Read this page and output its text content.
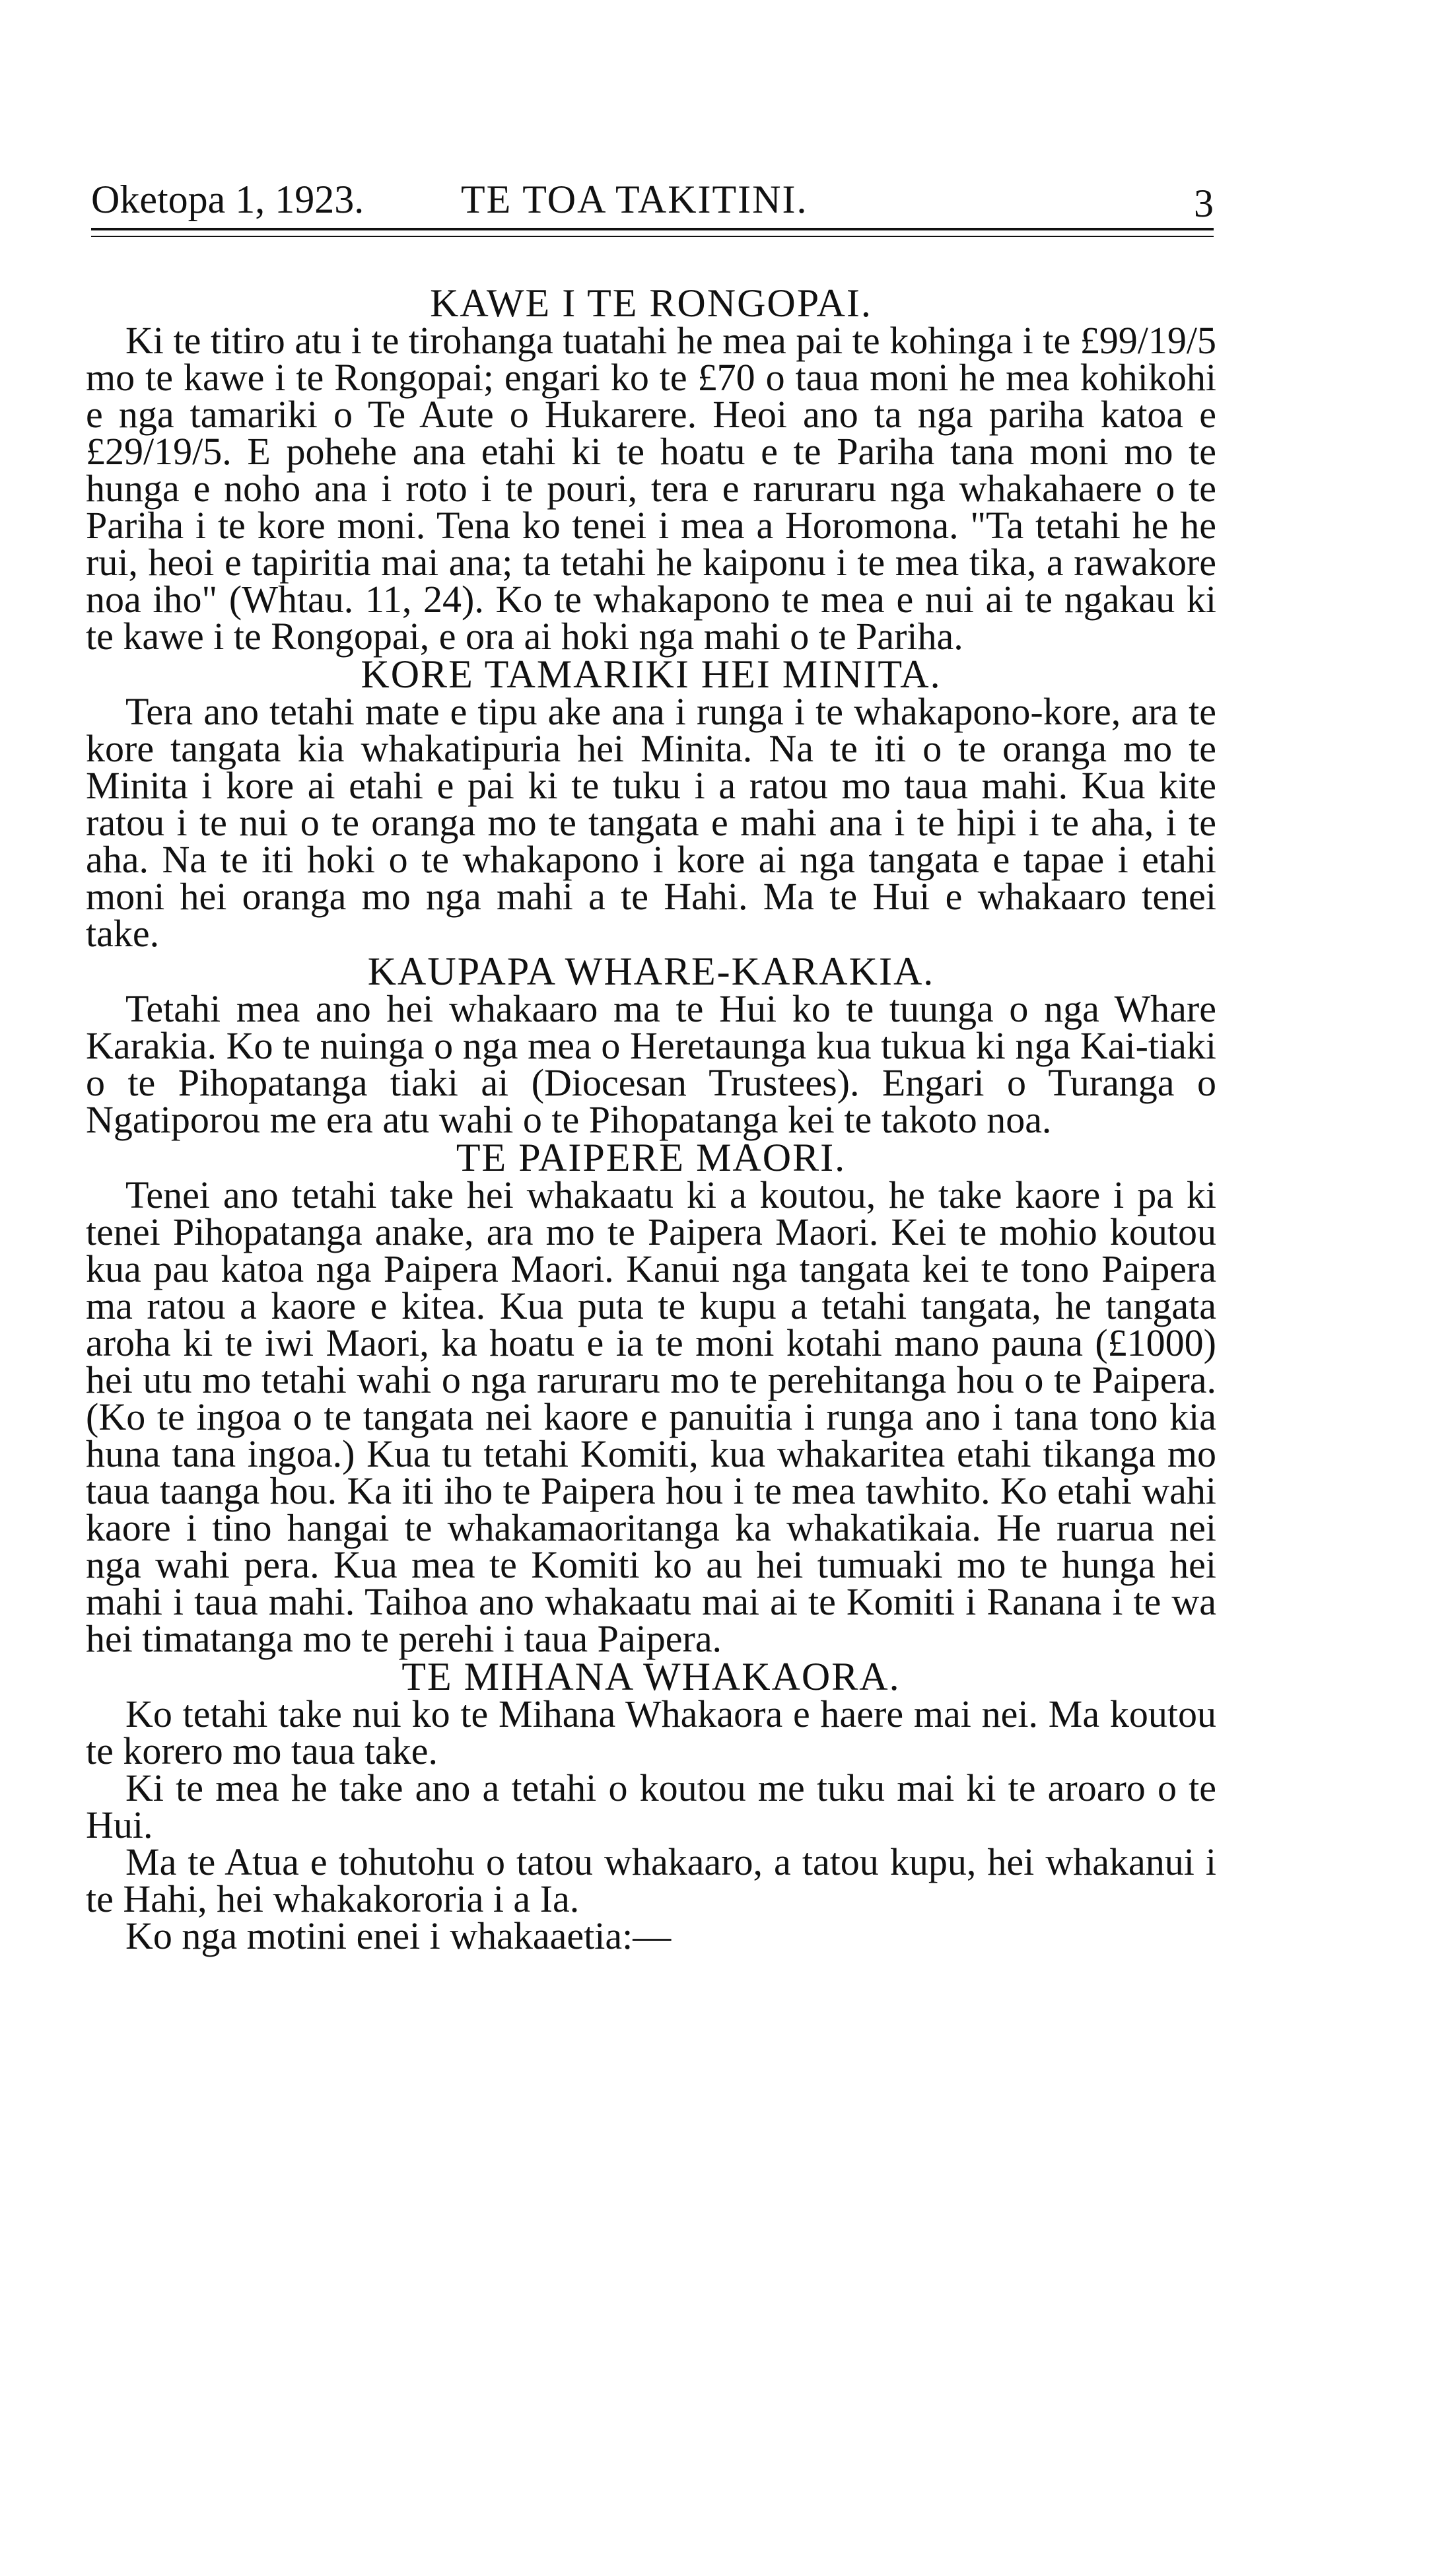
Oketopa 1, 1923. TE TOA TAKITINI.	3
KAWE I TE RONGOPAI.

Ki te titiro atu i te tirohanga tuatahi he mea pai te kohinga i te £99/19/5 mo te kawe i te Rongopai; engari ko te £70 o taua moni he mea kohikohi e nga tamariki o Te Aute o Hukarere. Heoi ano ta nga pariha katoa e £29/19/5. E pohehe ana etahi ki te hoatu e te Pariha tana moni mo te hunga e noho ana i roto i te pouri, tera e raruraru nga whakahaere o te Pariha i te kore moni. Tena ko tenei i mea a Horomona. "Ta tetahi he he rui, heoi e tapiritia mai ana; ta tetahi he kaiponu i te mea tika, a rawakore noa iho" (Whtau. 11, 24). Ko te whakapono te mea e nui ai te ngakau ki te kawe i te Rongopai, e ora ai hoki nga mahi o te Pariha.

KORE TAMARIKI HEI MINITA.

Tera ano tetahi mate e tipu ake ana i runga i te whakapono-kore, ara te kore tangata kia whakatipuria hei Minita. Na te iti o te oranga mo te Minita i kore ai etahi e pai ki te tuku i a ratou mo taua mahi. Kua kite ratou i te nui o te oranga mo te tangata e mahi ana i te hipi i te aha, i te aha. Na te iti hoki o te whakapono i kore ai nga tangata e tapae i etahi moni hei oranga mo nga mahi a te Hahi. Ma te Hui e whakaaro tenei take.

KAUPAPA WHARE-KARAKIA.

Tetahi mea ano hei whakaaro ma te Hui ko te tuunga o nga Whare Karakia. Ko te nuinga o nga mea o Heretaunga kua tukua ki nga Kai-tiaki o te Pihopatanga tiaki ai (Diocesan Trustees). Engari o Turanga o Ngatiporou me era atu wahi o te Pihopatanga kei te takoto noa.

TE PAIPERE MAORI.

Tenei ano tetahi take hei whakaatu ki a koutou, he take kaore i pa ki tenei Pihopatanga anake, ara mo te Paipera Maori. Kei te mohio koutou kua pau katoa nga Paipera Maori. Kanui nga tangata kei te tono Paipera ma ratou a kaore e kitea. Kua puta te kupu a tetahi tangata, he tangata aroha ki te iwi Maori, ka hoatu e ia te moni kotahi mano pauna (£1000) hei utu mo tetahi wahi o nga raruraru mo te perehitanga hou o te Paipera. (Ko te ingoa o te tangata nei kaore e panuitia i runga ano i tana tono kia huna tana ingoa.) Kua tu tetahi Komiti, kua whakaritea etahi tikanga mo taua taanga hou. Ka iti iho te Paipera hou i te mea tawhito. Ko etahi wahi kaore i tino hangai te whakamaoritanga ka whakatikaia. He ruarua nei nga wahi pera. Kua mea te Komiti ko au hei tumuaki mo te hunga hei mahi i taua mahi. Taihoa ano whakaatu mai ai te Komiti i Ranana i te wa hei timatanga mo te perehi i taua Paipera.

TE MIHANA WHAKAORA.

Ko tetahi take nui ko te Mihana Whakaora e haere mai nei. Ma koutou te korero mo taua take.

Ki te mea he take ano a tetahi o koutou me tuku mai ki te aroaro o te Hui.

Ma te Atua e tohutohu o tatou whakaaro, a tatou kupu, hei whakanui i te Hahi, hei whakakororia i a Ia.

Ko nga motini enei i whakaaetia:—
